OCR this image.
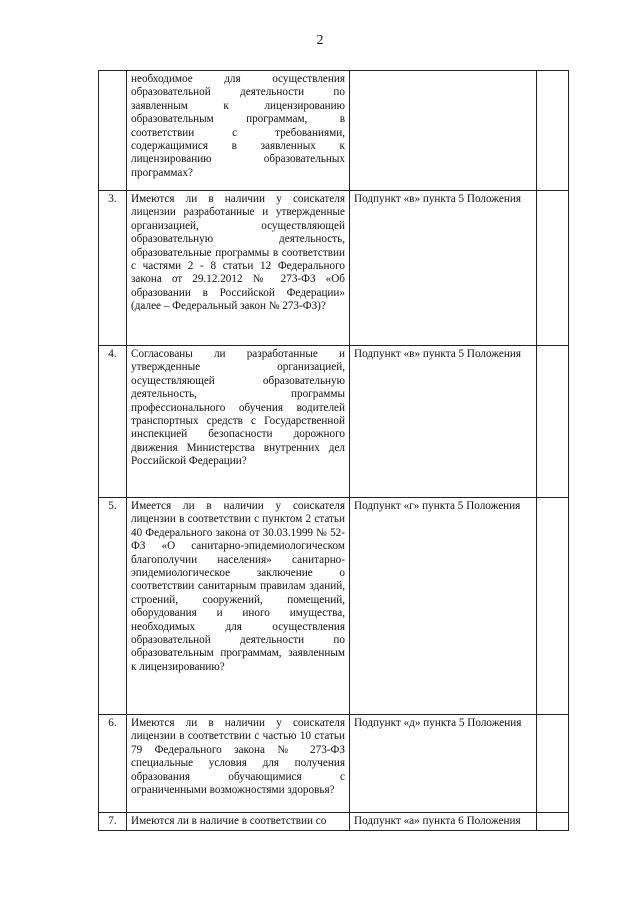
2
	необходимое для осуществления образовательной деятельности по заявленным к лицензированию образовательным программам, в соответствии с требованиями, содержащимися в заявленных к лицензированию образовательных программах?		
3.	Имеются ли в наличии у соискателя лицензии разработанные и утвержденные организацией, осуществляющей образовательную деятельность, образовательные программы в соответствии с частями 2 - 8 статьи 12 Федерального закона от 29.12.2012 № 273-ФЗ «Об образовании в Российской Федерации» (далее – Федеральный закон № 273-ФЗ)?	Подпункт «в» пункта 5 Положения	
4.	Согласованы ли разработанные и утвержденные организацией, осуществляющей образовательную деятельность, программы профессионального обучения водителей транспортных средств с Государственной инспекцией безопасности дорожного движения Министерства внутренних дел Российской Федерации?	Подпункт «в» пункта 5 Положения	
5.	Имеется ли в наличии у соискателя лицензии в соответствии с пунктом 2 статьи 40 Федерального закона от 30.03.1999 № 52-ФЗ «О санитарно-эпидемиологическом благополучии населения» санитарно-эпидемиологическое заключение о соответствии санитарным правилам зданий, строений, сооружений, помещений, оборудования и иного имущества, необходимых для осуществления образовательной деятельности по образовательным программам, заявленным к лицензированию?	Подпункт «г» пункта 5 Положения	
6.	Имеются ли в наличии у соискателя лицензии в соответствии с частью 10 статьи 79 Федерального закона № 273-ФЗ специальные условия для получения образования обучающимися с ограниченными возможностями здоровья?	Подпункт «д» пункта 5 Положения	
7.	Имеются ли в наличие в соответствии со	Подпункт «а» пункта 6 Положения	
